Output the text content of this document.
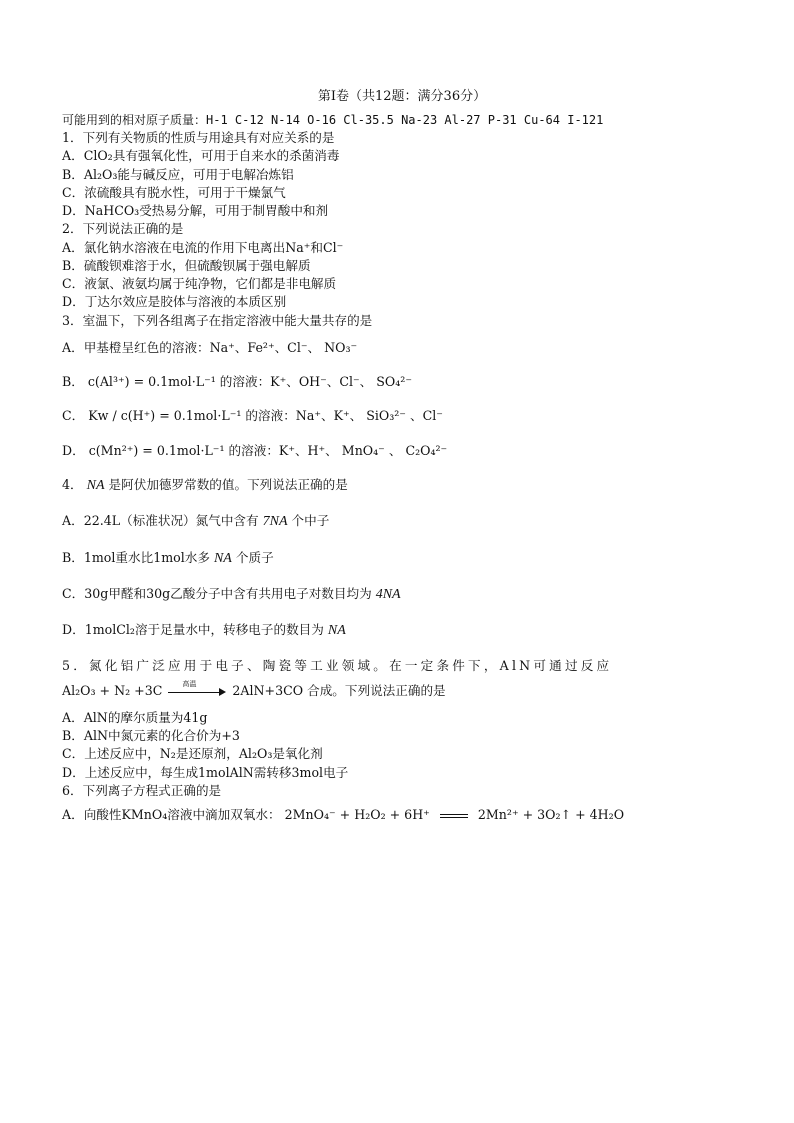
第Ⅰ卷（共12题：满分36分）

可能用到的相对原子质量：H-1 C-12 N-14 O-16 Cl-35.5 Na-23 Al-27 P-31 Cu-64 I-121

1．下列有关物质的性质与用途具有对应关系的是

A．ClO₂具有强氧化性，可用于自来水的杀菌消毒

B．Al₂O₃能与碱反应，可用于电解冶炼铝

C．浓硫酸具有脱水性，可用于干燥氯气

D．NaHCO₃受热易分解，可用于制胃酸中和剂

2．下列说法正确的是

A．氯化钠水溶液在电流的作用下电离出Na⁺和Cl⁻

B．硫酸钡难溶于水，但硫酸钡属于强电解质

C．液氯、液氨均属于纯净物，它们都是非电解质

D．丁达尔效应是胶体与溶液的本质区别

3．室温下，下列各组离子在指定溶液中能大量共存的是

A．甲基橙呈红色的溶液：Na⁺、Fe²⁺、Cl⁻、 NO₃⁻

B． c(Al³⁺) = 0.1mol·L⁻¹ 的溶液：K⁺、OH⁻、Cl⁻、 SO₄²⁻

C． Kw / c(H⁺) = 0.1mol·L⁻¹ 的溶液：Na⁺、K⁺、 SiO₃²⁻ 、Cl⁻

D． c(Mn²⁺) = 0.1mol·L⁻¹ 的溶液：K⁺、H⁺、 MnO₄⁻ 、 C₂O₄²⁻

4． NA 是阿伏加德罗常数的值。下列说法正确的是

A．22.4L（标准状况）氮气中含有 7NA 个中子

B．1mol重水比1mol水多 NA 个质子

C．30g甲醛和30g乙酸分子中含有共用电子对数目均为 4NA

D．1molCl₂溶于足量水中，转移电子的数目为 NA

5．氮化铝广泛应用于电子、陶瓷等工业领域。在一定条件下，AlN可通过反应

Al₂O₃ + N₂ +3C	高温	2AlN+3CO 合成。下列说法正确的是

A．AlN的摩尔质量为41g

B．AlN中氮元素的化合价为+3

C．上述反应中，N₂是还原剂，Al₂O₃是氧化剂

D．上述反应中，每生成1molAlN需转移3mol电子

6．下列离子方程式正确的是

A．向酸性KMnO₄溶液中滴加双氧水： 2MnO₄⁻ + H₂O₂ + 6H⁺	2Mn²⁺ + 3O₂↑ + 4H₂O
